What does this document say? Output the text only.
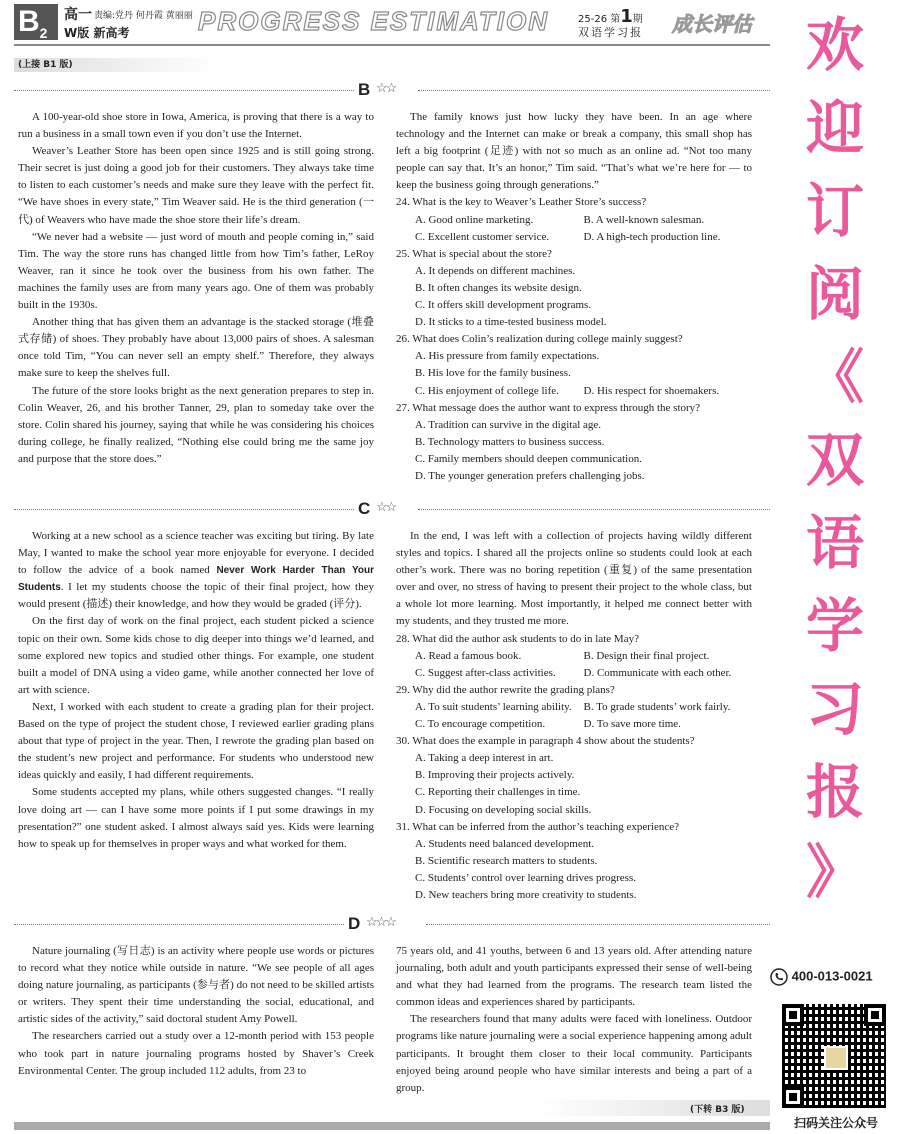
$B_2$
高一 责编:党丹 何丹霞 黄丽丽
W版 新高考	PROGRESS ESTIMATION	25-26 第1期
双语学习报 成长评估
(上接 B1 版)
B ☆☆

A 100-year-old shoe store in Iowa, America, is proving that there is a way to run a business in a small town even if you don’t use the Internet.

Weaver’s Leather Store has been open since 1925 and is still going strong. Their secret is just doing a good job for their customers. They always take time to listen to each customer’s needs and make sure they leave with the perfect fit. “We have shoes in every state,” Tim Weaver said. He is the third generation (一代) of Weavers who have made the shoe store their life’s dream.

“We never had a website — just word of mouth and people coming in,” said Tim. The way the store runs has changed little from how Tim’s father, LeRoy Weaver, ran it since he took over the business from his own father. The machines the family uses are from many years ago. One of them was probably built in the 1930s.

Another thing that has given them an advantage is the stacked storage (堆叠式存储) of shoes. They probably have about 13,000 pairs of shoes. A salesman once told Tim, “You can never sell an empty shelf.” Therefore, they always make sure to keep the shelves full.

The future of the store looks bright as the next generation prepares to step in. Colin Weaver, 26, and his brother Tanner, 29, plan to someday take over the store. Colin shared his journey, saying that while he was considering his choices during college, he finally realized, “Nothing else could bring me the same joy and purpose that the store does.”

The family knows just how lucky they have been. In an age where technology and the Internet can make or break a company, this small shop has left a big footprint (足迹) with not so much as an online ad. “Not too many people can say that. It’s an honor,” Tim said. “That’s what we’re here for — to keep the business going through generations.”

24. What is the key to Weaver’s Leather Store’s success?
A. Good online marketing.	B. A well-known salesman.
C. Excellent customer service.	D. A high-tech production line.
25. What is special about the store?
A. It depends on different machines.
B. It often changes its website design.
C. It offers skill development programs.
D. It sticks to a time-tested business model.
26. What does Colin’s realization during college mainly suggest?
A. His pressure from family expectations.
B. His love for the family business.
C. His enjoyment of college life.	D. His respect for shoemakers.
27. What message does the author want to express through the story?
A. Tradition can survive in the digital age.
B. Technology matters to business success.
C. Family members should deepen communication.
D. The younger generation prefers challenging jobs.
C ☆☆

Working at a new school as a science teacher was exciting but tiring. By late May, I wanted to make the school year more enjoyable for everyone. I decided to follow the advice of a book named Never Work Harder Than Your Students. I let my students choose the topic of their final project, how they would present (描述) their knowledge, and how they would be graded (评分).

On the first day of work on the final project, each student picked a science topic on their own. Some kids chose to dig deeper into things we’d learned, and some explored new topics and studied other things. For example, one student built a model of DNA using a video game, while another connected her love of art with science.

Next, I worked with each student to create a grading plan for their project. Based on the type of project the student chose, I reviewed earlier grading plans about that type of project in the year. Then, I rewrote the grading plan based on the student’s new project and performance. For students who understood new ideas quickly and easily, I had different requirements.

Some students accepted my plans, while others suggested changes. “I really love doing art — can I have some more points if I put some drawings in my presentation?” one student asked. I almost always said yes. Kids were learning how to speak up for themselves in proper ways and what worked for them.

In the end, I was left with a collection of projects having wildly different styles and topics. I shared all the projects online so students could look at each other’s work. There was no boring repetition (重复) of the same presentation over and over, no stress of having to present their project to the whole class, but a whole lot more learning. Most importantly, it helped me connect better with my students, and they trusted me more.

28. What did the author ask students to do in late May?
A. Read a famous book.	B. Design their final project.
C. Suggest after-class activities.	D. Communicate with each other.
29. Why did the author rewrite the grading plans?
A. To suit students’ learning ability.	B. To grade students’ work fairly.
C. To encourage competition.	D. To save more time.
30. What does the example in paragraph 4 show about the students?
A. Taking a deep interest in art.
B. Improving their projects actively.
C. Reporting their challenges in time.
D. Focusing on developing social skills.
31. What can be inferred from the author’s teaching experience?
A. Students need balanced development.
B. Scientific research matters to students.
C. Students’ control over learning drives progress.
D. New teachers bring more creativity to students.
D ☆☆☆

Nature journaling (写日志) is an activity where people use words or pictures to record what they notice while outside in nature. “We see people of all ages doing nature journaling, as participants (参与者) do not need to be skilled artists or writers. They spent their time understanding the social, educational, and artistic sides of the activity,” said doctoral student Amy Powell.

The researchers carried out a study over a 12-month period with 153 people who took part in nature journaling programs hosted by Shaver’s Creek Environmental Center. The group included 112 adults, from 23 to

75 years old, and 41 youths, between 6 and 13 years old. After attending nature journaling, both adult and youth participants expressed their sense of well-being and what they had learned from the programs. The research team listed the common ideas and experiences shared by participants.

The researchers found that many adults were faced with loneliness. Outdoor programs like nature journaling were a social experience happening among adult participants. It brought them closer to their local community. Participants enjoyed being around people who have similar interests and being a part of a group.

(下转 B3 版)
欢
迎
订
阅
《
双
语
学
习
报
》
400-013-0021
扫码关注公众号
